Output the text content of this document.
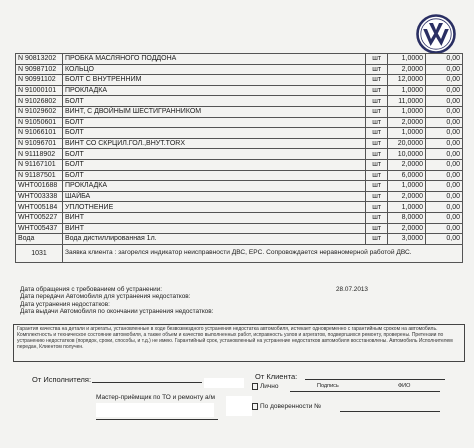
N 90813202	ПРОБКА МАСЛЯНОГО ПОДДОНА	шт	1,0000	0,00
N 90987102	КОЛЬЦО	шт	2,0000	0,00
N 90991102	БОЛТ С ВНУТРЕННИМ	шт	12,0000	0,00
N 91000101	ПРОКЛАДКА	шт	1,0000	0,00
N 91026802	БОЛТ	шт	11,0000	0,00
N 91029602	ВИНТ, С ДВОЙНЫМ ШЕСТИГРАННИКОМ	шт	1,0000	0,00
N 91050601	БОЛТ	шт	2,0000	0,00
N 91066101	БОЛТ	шт	1,0000	0,00
N 91096701	ВИНТ СО СКРЦИЛ.ГОЛ.,ВНУТ.TORX	шт	20,0000	0,00
N 91118902	БОЛТ	шт	10,0000	0,00
N 91167101	БОЛТ	шт	2,0000	0,00
N 91187501	БОЛТ	шт	6,0000	0,00
WHT001688	ПРОКЛАДКА	шт	1,0000	0,00
WHT003338	ШАЙБА	шт	2,0000	0,00
WHT005184	УПЛОТНЕНИЕ	шт	1,0000	0,00
WHT005227	ВИНТ	шт	8,0000	0,00
WHT005437	ВИНТ	шт	2,0000	0,00
Вода	Вода дистиллированная 1л.	шт	3,0000	0,00
1031	Заявка клиента : загорелся индикатор неисправности ДВС, EPC. Сопровождается неравномерной работой ДВС.			
Дата обращения с требованием об устранении:
Дата передачи Автомобиля для устранения недостатков:
Дата устранения недостатков:
Дата выдачи Автомобиля по окончании устранения недостатков:
28.07.2013
Гарантия качества на детали и агрегаты, установленные в ходе безвозмездного устранения недостатка автомобиля, истекает одновременно с гарантийным сроком на автомобиль. Комплектность и техническое состояние автомобиля, а также объем и качество выполненных работ, исправность узлов и агрегатов, подвергшихся ремонту, проверены. Претензии по устранению недостатков (порядок, сроки, способы, и т.д.) не имею. Гарантийный срок, установленный на устранение недостатков автомобиля восстановлены. Автомобиль Исполнителем передан, Клиентом получен.
От Исполнителя:	От Клиента:
Лично	Подпись	ФИО
Мастер-приёмщик по ТО и ремонту а/м
По доверенности №
